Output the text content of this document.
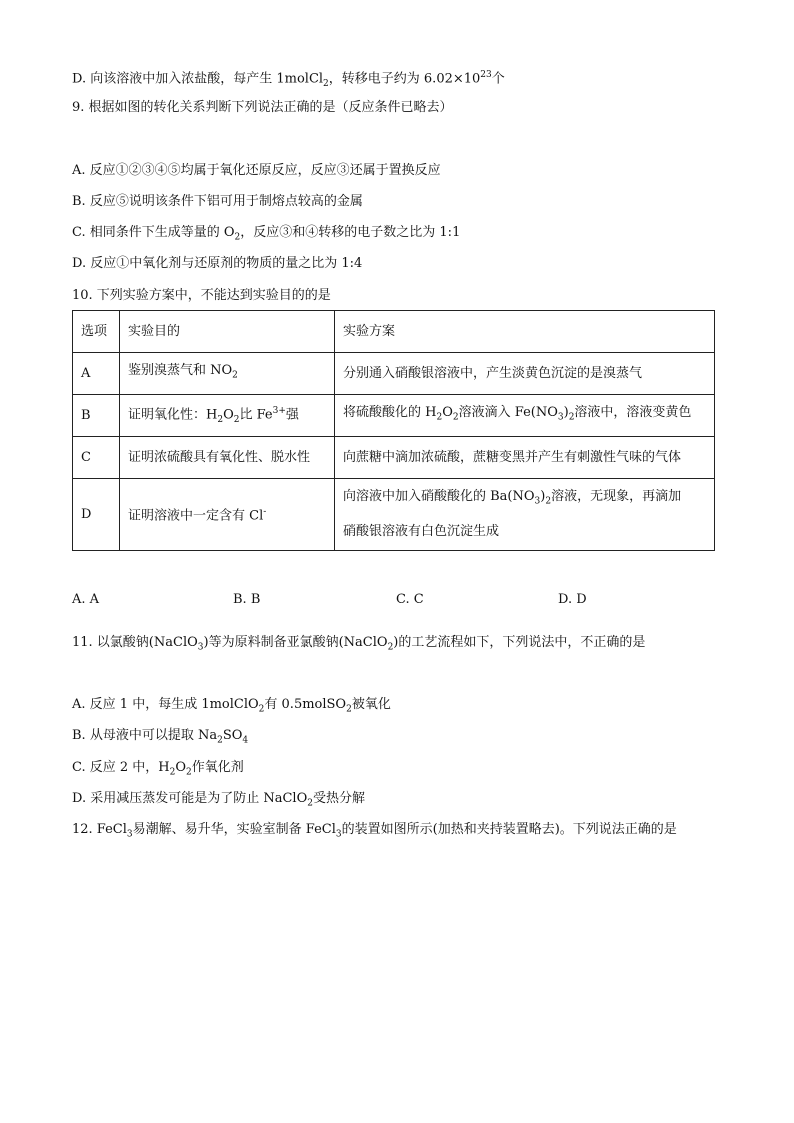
D. 向该溶液中加入浓盐酸，每产生 1molCl$_2$，转移电子约为 $6.02\times 10^{23}$个
9. 根据如图的转化关系判断下列说法正确的是（反应条件已略去）
A. 反应①②③④⑤均属于氧化还原反应，反应③还属于置换反应
B. 反应⑤说明该条件下铝可用于制熔点较高的金属
C. 相同条件下生成等量的 $O_2$，反应③和④转移的电子数之比为 1:1
D. 反应①中氧化剂与还原剂的物质的量之比为 1:4
10. 下列实验方案中，不能达到实验目的的是
选项	实验目的	实验方案
A	鉴别溴蒸气和 $NO_2$	分别通入硝酸银溶液中，产生淡黄色沉淀的是溴蒸气
B	证明氧化性：$H_2O_2$比 $Fe^{3+}$强	将硫酸酸化的 $H_2O_2$溶液滴入 $Fe(NO_3)_2$溶液中，溶液变黄色
C	证明浓硫酸具有氧化性、脱水性	向蔗糖中滴加浓硫酸，蔗糖变黑并产生有刺激性气味的气体
D	证明溶液中一定含有 Cl-	向溶液中加入硝酸酸化的 $Ba(NO_3)_2$溶液，无现象，再滴加
硝酸银溶液有白色沉淀生成
A. A	B. B	C. C	D. D
11. 以氯酸钠(NaClO$_3$)等为原料制备亚氯酸钠(NaClO$_2$)的工艺流程如下，下列说法中，不正确的是
A. 反应 1 中，每生成 1molClO$_2$有 0.5molSO$_2$被氧化
B. 从母液中可以提取 $Na_2SO_4$
C. 反应 2 中，$H_2O_2$作氧化剂
D. 采用减压蒸发可能是为了防止 NaClO$_2$受热分解
12. FeCl$_3$易潮解、易升华，实验室制备 FeCl$_3$的装置如图所示(加热和夹持装置略去)。下列说法正确的是
